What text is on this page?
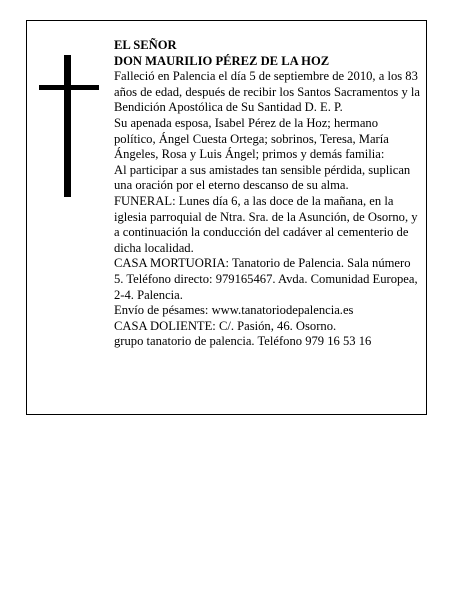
EL SEÑOR

DON MAURILIO PÉREZ DE LA HOZ

Falleció en Palencia el día 5 de septiembre de 2010, a los 83 años de edad, después de recibir los Santos Sacramentos y la Bendición Apostólica de Su Santidad D. E. P.

Su apenada esposa, Isabel Pérez de la Hoz; hermano político, Ángel Cuesta Ortega; sobrinos, Teresa, María Ángeles, Rosa y Luis Ángel; primos y demás familia:

Al participar a sus amistades tan sensible pérdida, suplican una oración por el eterno descanso de su alma.

FUNERAL: Lunes día 6, a las doce de la mañana, en la iglesia parroquial de Ntra. Sra. de la Asunción, de Osorno, y a continuación la conducción del cadáver al cementerio de dicha localidad.

CASA MORTUORIA: Tanatorio de Palencia. Sala número 5. Teléfono directo: 979165467. Avda. Comunidad Europea, 2-4. Palencia.

Envío de pésames: www.tanatoriodepalencia.es

CASA DOLIENTE: C/. Pasión, 46. Osorno.

grupo tanatorio de palencia. Teléfono 979 16 53 16
